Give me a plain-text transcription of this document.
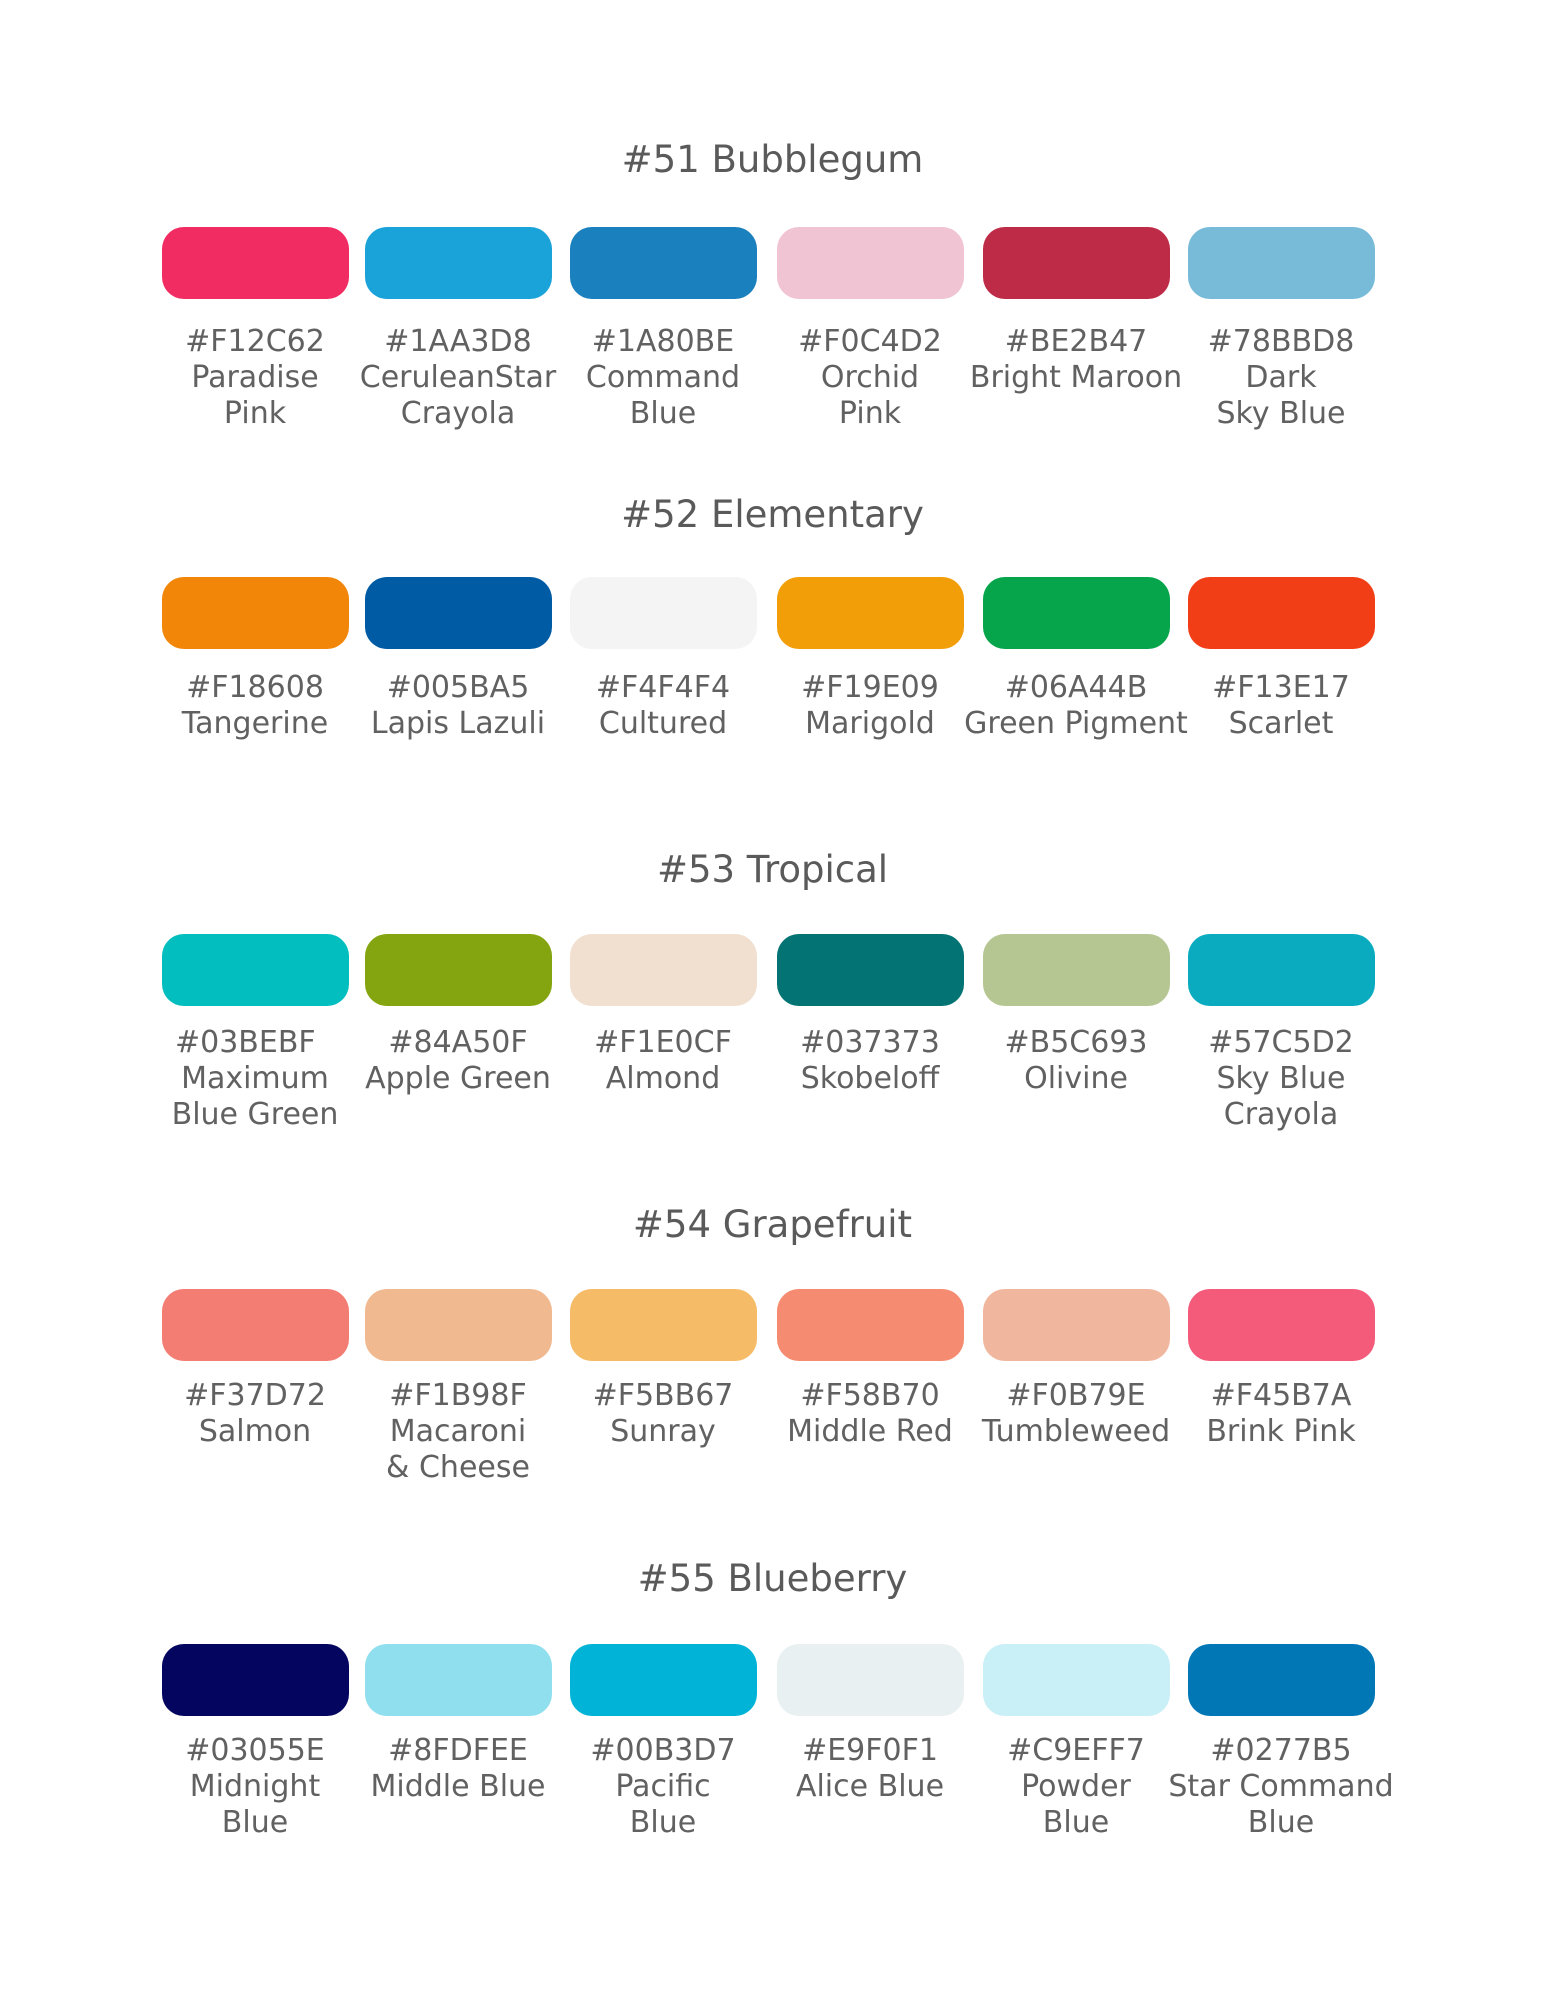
#51 Bubblegum
#F12C62
Paradise Pink
#1AA3D8
CeruleanStar Crayola
#1A80BE
Command Blue
#F0C4D2
Orchid Pink
#BE2B47
Bright Maroon
#78BBD8
Dark Sky Blue
#52 Elementary
#F18608
Tangerine
#005BA5
Lapis Lazuli
#F4F4F4
Cultured
#F19E09
Marigold
#06A44B
Green Pigment
#F13E17
Scarlet
#53 Tropical
#03BEBF
Maximum Blue Green
#84A50F
Apple Green
#F1E0CF
Almond
#037373
Skobeloff
#B5C693
Olivine
#57C5D2
Sky Blue Crayola
#54 Grapefruit
#F37D72
Salmon
#F1B98F
Macaroni & Cheese
#F5BB67
Sunray
#F58B70
Middle Red
#F0B79E
Tumbleweed
#F45B7A
Brink Pink
#55 Blueberry
#03055E
Midnight Blue
#8FDFEE
Middle Blue
#00B3D7
Pacific Blue
#E9F0F1
Alice Blue
#C9EFF7
Powder Blue
#0277B5
Star Command Blue
